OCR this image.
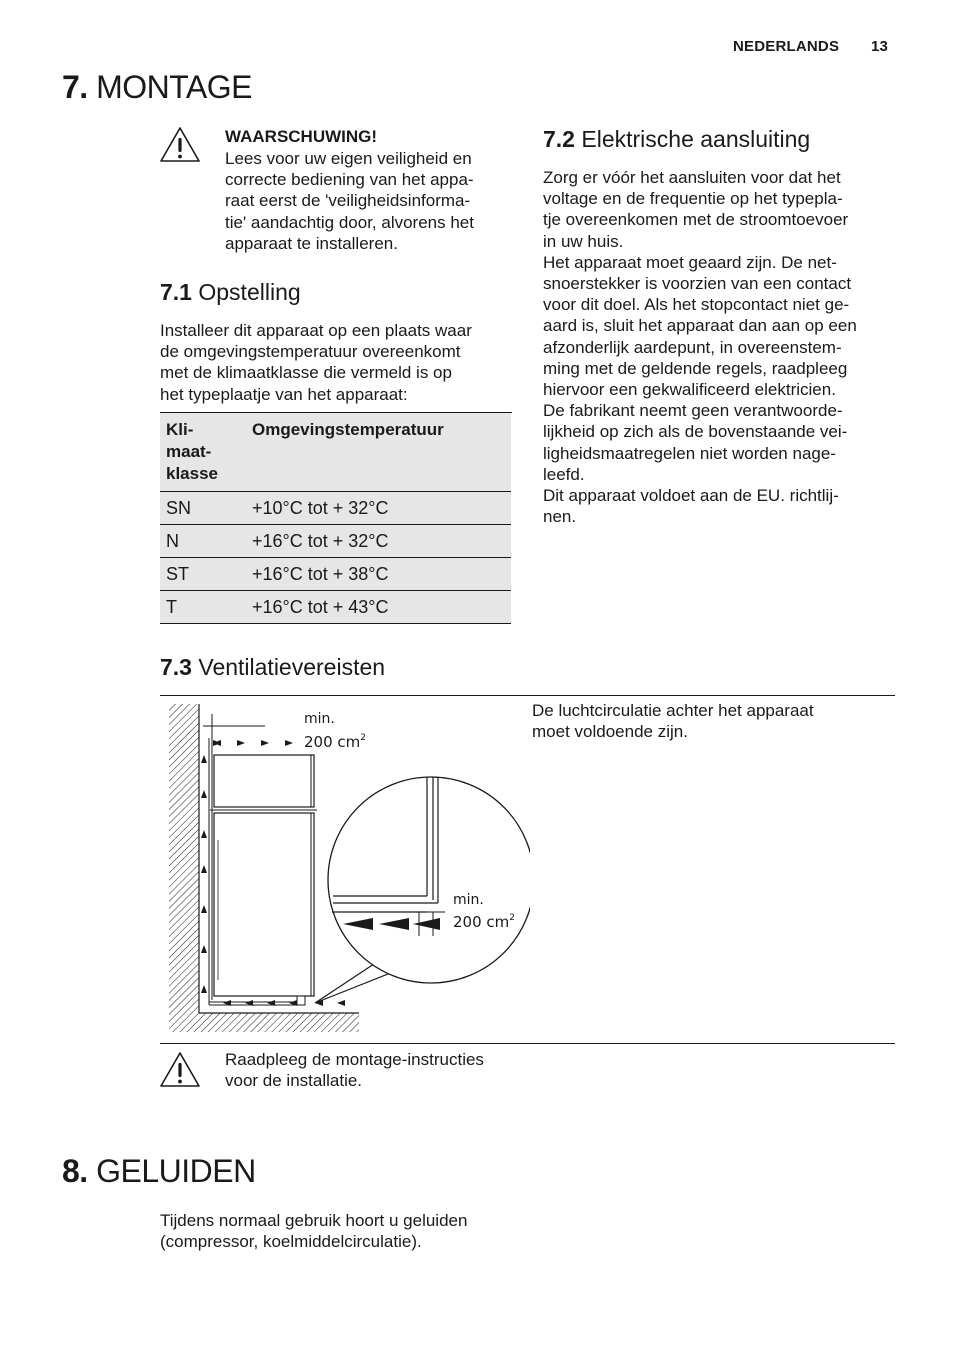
NEDERLANDS 13
7. MONTAGE
WAARSCHUWING!
Lees voor uw eigen veiligheid en
correcte bediening van het appa-
raat eerst de 'veiligheidsinforma-
tie' aandachtig door, alvorens het
apparaat te installeren.
7.1 Opstelling
Installeer dit apparaat op een plaats waar
de omgevingstemperatuur overeenkomt
met de klimaatklasse die vermeld is op
het typeplaatje van het apparaat:
Kli-
maat-
klasse	Omgevingstemperatuur
SN	+10°C tot + 32°C
N	+16°C tot + 32°C
ST	+16°C tot + 38°C
T	+16°C tot + 43°C
7.2 Elektrische aansluiting
Zorg er vóór het aansluiten voor dat het
voltage en de frequentie op het typepla-
tje overeenkomen met de stroomtoevoer
in uw huis.
Het apparaat moet geaard zijn. De net-
snoerstekker is voorzien van een contact
voor dit doel. Als het stopcontact niet ge-
aard is, sluit het apparaat dan aan op een
afzonderlijk aardepunt, in overeenstem-
ming met de geldende regels, raadpleeg
hiervoor een gekwalificeerd elektricien.
De fabrikant neemt geen verantwoorde-
lijkheid op zich als de bovenstaande vei-
ligheidsmaatregelen niet worden nage-
leefd.
Dit apparaat voldoet aan de EU. richtlij-
nen.
7.3 Ventilatievereisten
De luchtcirculatie achter het apparaat
moet voldoende zijn.
min.
200 $cm^2$
min.
200 $cm^2$
Raadpleeg de montage-instructies
voor de installatie.
8. GELUIDEN
Tijdens normaal gebruik hoort u geluiden
(compressor, koelmiddelcirculatie).
